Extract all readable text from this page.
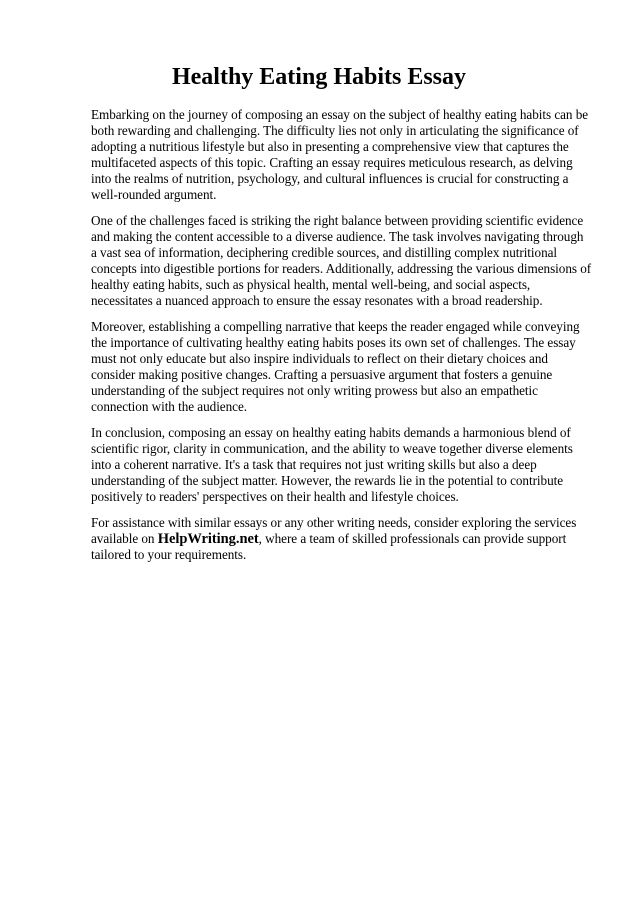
Healthy Eating Habits Essay

Embarking on the journey of composing an essay on the subject of healthy eating habits can be both rewarding and challenging. The difficulty lies not only in articulating the significance of adopting a nutritious lifestyle but also in presenting a comprehensive view that captures the multifaceted aspects of this topic. Crafting an essay requires meticulous research, as delving into the realms of nutrition, psychology, and cultural influences is crucial for constructing a well-rounded argument.

One of the challenges faced is striking the right balance between providing scientific evidence and making the content accessible to a diverse audience. The task involves navigating through a vast sea of information, deciphering credible sources, and distilling complex nutritional concepts into digestible portions for readers. Additionally, addressing the various dimensions of healthy eating habits, such as physical health, mental well-being, and social aspects, necessitates a nuanced approach to ensure the essay resonates with a broad readership.

Moreover, establishing a compelling narrative that keeps the reader engaged while conveying the importance of cultivating healthy eating habits poses its own set of challenges. The essay must not only educate but also inspire individuals to reflect on their dietary choices and consider making positive changes. Crafting a persuasive argument that fosters a genuine understanding of the subject requires not only writing prowess but also an empathetic connection with the audience.

In conclusion, composing an essay on healthy eating habits demands a harmonious blend of scientific rigor, clarity in communication, and the ability to weave together diverse elements into a coherent narrative. It's a task that requires not just writing skills but also a deep understanding of the subject matter. However, the rewards lie in the potential to contribute positively to readers' perspectives on their health and lifestyle choices.

For assistance with similar essays or any other writing needs, consider exploring the services available on HelpWriting.net, where a team of skilled professionals can provide support tailored to your requirements.
